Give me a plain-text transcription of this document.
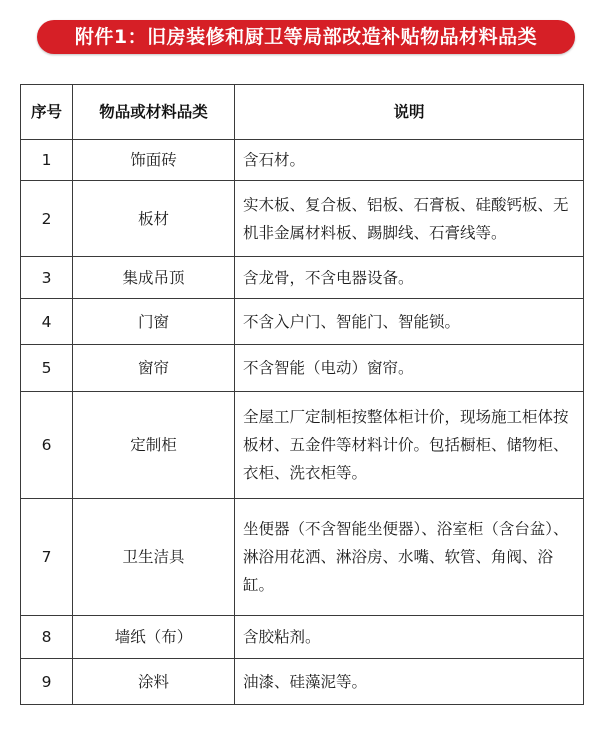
附件1：旧房装修和厨卫等局部改造补贴物品材料品类
序号	物品或材料品类	说明
1	饰面砖	含石材。
2	板材	实木板、复合板、铝板、石膏板、硅酸钙板、无机非金属材料板、踢脚线、石膏线等。
3	集成吊顶	含龙骨，不含电器设备。
4	门窗	不含入户门、智能门、智能锁。
5	窗帘	不含智能（电动）窗帘。
6	定制柜	全屋工厂定制柜按整体柜计价，现场施工柜体按板材、五金件等材料计价。包括橱柜、储物柜、衣柜、洗衣柜等。
7	卫生洁具	坐便器（不含智能坐便器）、浴室柜（含台盆）、淋浴用花洒、淋浴房、水嘴、软管、角阀、浴缸。
8	墙纸（布）	含胶粘剂。
9	涂料	油漆、硅藻泥等。
